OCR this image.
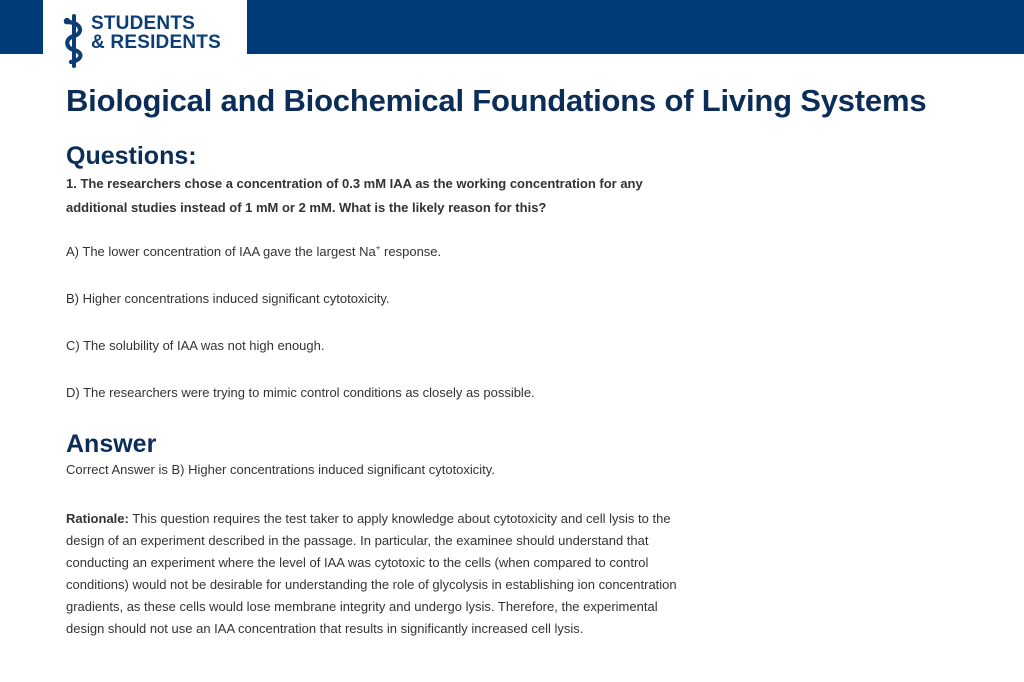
STUDENTS
& RESIDENTS
Biological and Biochemical Foundations of Living Systems
Questions:

1. The researchers chose a concentration of 0.3 mM IAA as the working concentration for any additional studies instead of 1 mM or 2 mM. What is the likely reason for this?

A) The lower concentration of IAA gave the largest Na+ response.

B) Higher concentrations induced significant cytotoxicity.

C) The solubility of IAA was not high enough.

D) The researchers were trying to mimic control conditions as closely as possible.

Answer

Correct Answer is B) Higher concentrations induced significant cytotoxicity.

Rationale: This question requires the test taker to apply knowledge about cytotoxicity and cell lysis to the design of an experiment described in the passage. In particular, the examinee should understand that conducting an experiment where the level of IAA was cytotoxic to the cells (when compared to control conditions) would not be desirable for understanding the role of glycolysis in establishing ion concentration gradients, as these cells would lose membrane integrity and undergo lysis. Therefore, the experimental design should not use an IAA concentration that results in significantly increased cell lysis.
